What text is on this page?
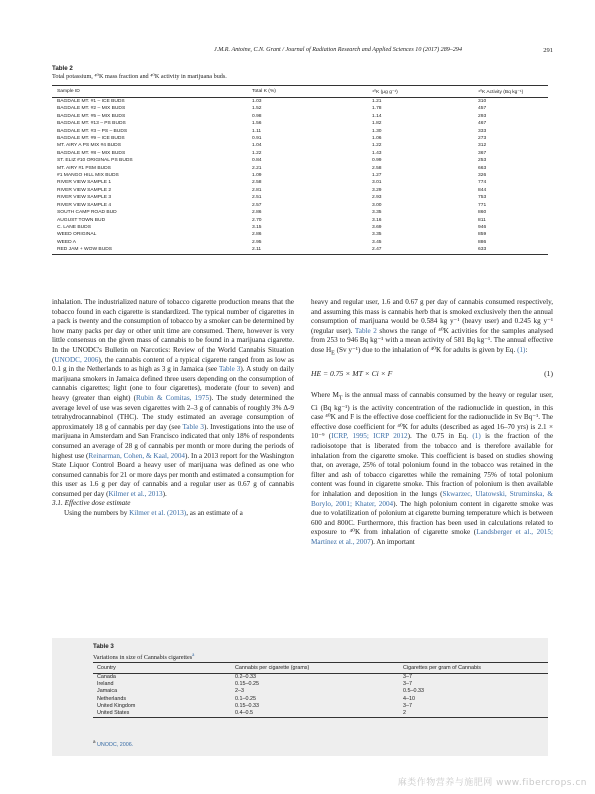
J.M.R. Antoine, C.N. Grant / Journal of Radiation Research and Applied Sciences 10 (2017) 289–294	291
Table 2
Total potassium, ⁴⁰K mass fraction and ⁴⁰K activity in marijuana buds.
Sample ID	Total K (%)	⁴⁰K (μg g⁻¹)	⁴⁰K Activity (Bq kg⁻¹)
BAGDALE MT. #1 – ICE BUDS	1.03	1.21	310
BAGDALE MT. #2 – MIX BUDS	1.52	1.78	457
BAGDALE MT. #5 – MIX BUDS	0.98	1.14	293
BAGDALE MT. #13 – PS BUDS	1.56	1.82	467
BAGDALE MT. #3 – PS – BUDS	1.11	1.30	333
BAGDALE MT. #9 – ICE BUDS	0.91	1.06	273
MT. AIRY A PS MIX #4 BUDS	1.04	1.22	312
BAGDALE MT. #8 – MIX BUDS	1.22	1.43	367
ST. ELIZ #10 ORIGINAL PS BUDS	0.84	0.99	253
MT. AIRY #1 PSM BUDS	2.21	2.58	663
#1 MANGO HILL MIX BUDS	1.09	1.27	326
RIVER VIEW SAMPLE 1	2.58	3.01	774
RIVER VIEW SAMPLE 2	2.81	3.29	844
RIVER VIEW SAMPLE 3	2.51	2.93	753
RIVER VIEW SAMPLE 4	2.57	3.00	771
SOUTH CAMP ROAD BUD	2.86	3.35	860
AUGUST TOWN BUD	2.70	3.16	811
C. LANE BUDS	3.15	3.69	946
WEED ORIGINAL	2.86	3.35	859
WEED A	2.95	3.45	886
RED JAM + WOW BUDS	2.11	2.47	633

inhalation. The industrialized nature of tobacco cigarette production means that the tobacco found in each cigarette is standardized. The typical number of cigarettes in a pack is twenty and the consumption of tobacco by a smoker can be determined by how many packs per day or other unit time are consumed. There, however is very little consensus on the given mass of cannabis to be found in a marijuana cigarette. In the UNODC's Bulletin on Narcotics: Review of the World Cannabis Situation (UNODC, 2006), the cannabis content of a typical cigarette ranged from as low as 0.1 g in the Netherlands to as high as 3 g in Jamaica (see Table 3). A study on daily marijuana smokers in Jamaica defined three users depending on the consumption of cannabis cigarettes; light (one to four cigarettes), moderate (four to seven) and heavy (greater than eight) (Rubin & Comitas, 1975). The study determined the average level of use was seven cigarettes with 2–3 g of cannabis of roughly 3% Δ-9 tetrahydrocannabinol (THC). The study estimated an average consumption of approximately 18 g of cannabis per day (see Table 3). Investigations into the use of marijuana in Amsterdam and San Francisco indicated that only 18% of respondents consumed an average of 28 g of cannabis per month or more during the periods of highest use (Reinarman, Cohen, & Kaal, 2004). In a 2013 report for the Washington State Liquor Control Board a heavy user of marijuana was defined as one who consumed cannabis for 21 or more days per month and estimated a consumption for this user as 1.6 g per day of cannabis and a regular user as 0.67 g of cannabis consumed per day (Kilmer et al., 2013).

3.1. Effective dose estimate

Using the numbers by Kilmer et al. (2013), as an estimate of a

heavy and regular user, 1.6 and 0.67 g per day of cannabis consumed respectively, and assuming this mass is cannabis herb that is smoked exclusively then the annual consumption of marijuana would be 0.584 kg y⁻¹ (heavy user) and 0.245 kg y⁻¹ (regular user). Table 2 shows the range of ⁴⁰K activities for the samples analysed from 253 to 946 Bq kg⁻¹ with a mean activity of 581 Bq kg⁻¹. The annual effective dose $H_E$ (Sv y⁻¹) due to the inhalation of ⁴⁰K for adults is given by Eq. (1):

HE = 0.75 × MT × Ci × F	(1)

Where $M_T$ is the annual mass of cannabis consumed by the heavy or regular user, Ci (Bq kg⁻¹) is the activity concentration of the radionuclide in question, in this case ⁴⁰K and F is the effective dose coefficient for the radionuclide in Sv Bq⁻¹. The effective dose coefficient for ⁴⁰K for adults (described as aged 16–70 yrs) is 2.1 × 10⁻⁹ (ICRP, 1995; ICRP 2012). The 0.75 in Eq. (1) is the fraction of the radioisotope that is liberated from the tobacco and is therefore available for inhalation from the cigarette smoke. This coefficient is based on studies showing that, on average, 25% of total polonium found in the tobacco was retained in the filter and ash of tobacco cigarettes while the remaining 75% of total polonium content was found in cigarette smoke. This fraction of polonium is then available for inhalation and deposition in the lungs (Skwarzec, Ulatowski, Struminska, & Borylo, 2001; Khater, 2004). The high polonium content in cigarette smoke was due to volatilization of polonium at cigarette burning temperature which is between 600 and 800C. Furthermore, this fraction has been used in calculations related to exposure to ⁴⁰K from inhalation of cigarette smoke (Landsberger et al., 2015; Martínez et al., 2007). An important

Table 3
Variations in size of Cannabis cigarettes$^a$
Country	Cannabis per cigarette (grams)	Cigarettes per gram of Cannabis
Canada	0.2–0.33	3–7
Ireland	0.15–0.25	3–7
Jamaica	2–3	0.5–0.33
Netherlands	0.1–0.25	4–10
United Kingdom	0.15–0.33	3–7
United States	0.4–0.5	2
$^a$ UNODC, 2006.
麻类作物营养与施肥网 www.fibercrops.cn
